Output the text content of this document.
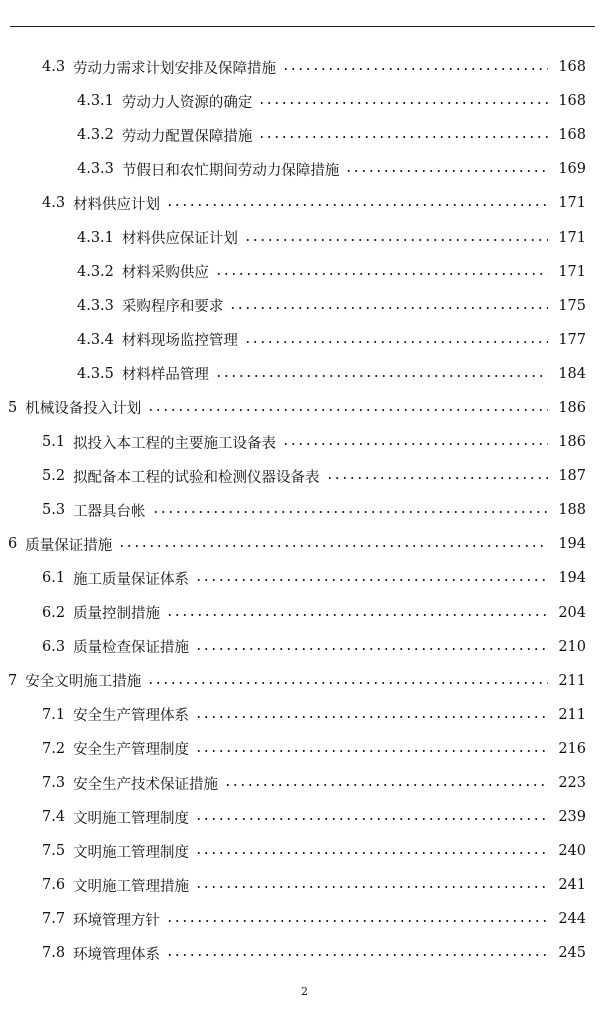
4.3 劳动力需求计划安排及保障措施	168
4.3.1 劳动力人资源的确定	168
4.3.2 劳动力配置保障措施	168
4.3.3 节假日和农忙期间劳动力保障措施	169
4.3 材料供应计划	171
4.3.1 材料供应保证计划	171
4.3.2 材料采购供应	171
4.3.3 采购程序和要求	175
4.3.4 材料现场监控管理	177
4.3.5 材料样品管理	184
5 机械设备投入计划	186
5.1 拟投入本工程的主要施工设备表	186
5.2 拟配备本工程的试验和检测仪器设备表	187
5.3 工器具台帐	188
6 质量保证措施	194
6.1 施工质量保证体系	194
6.2 质量控制措施	204
6.3 质量检查保证措施	210
7 安全文明施工措施	211
7.1 安全生产管理体系	211
7.2 安全生产管理制度	216
7.3 安全生产技术保证措施	223
7.4 文明施工管理制度	239
7.5 文明施工管理制度	240
7.6 文明施工管理措施	241
7.7 环境管理方针	244
7.8 环境管理体系	245
2
